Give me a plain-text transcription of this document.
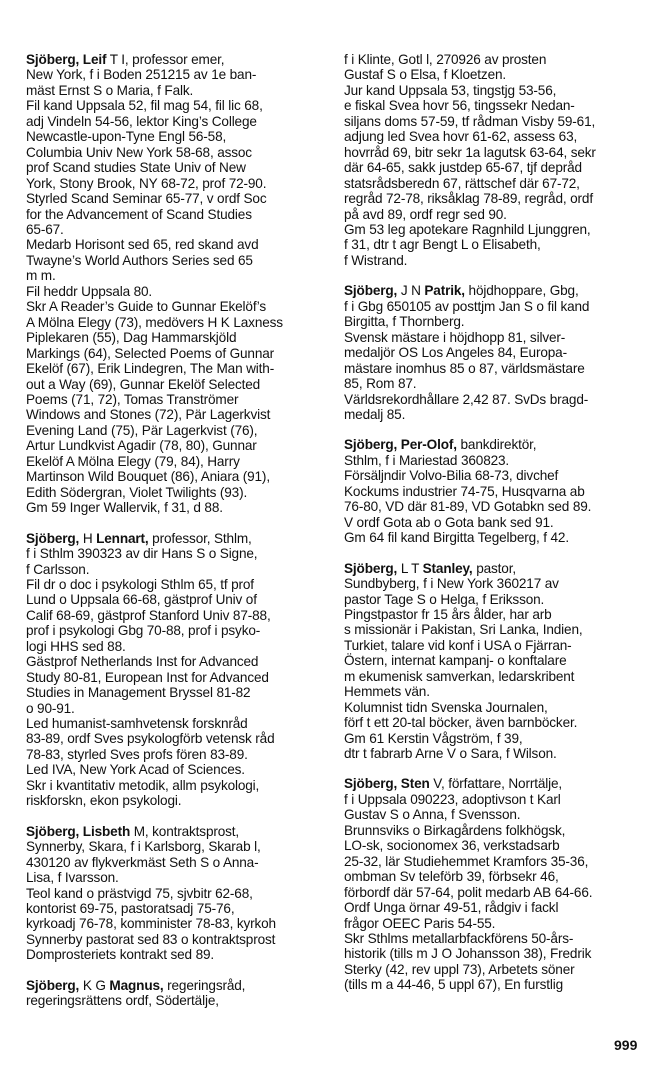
Sjöberg, Leif T I, professor emer,
New York, f i Boden 251215 av 1e ban-
mäst Ernst S o Maria, f Falk.
Fil kand Uppsala 52, fil mag 54, fil lic 68,
adj Vindeln 54-56, lektor King’s College
Newcastle-upon-Tyne Engl 56-58,
Columbia Univ New York 58-68, assoc
prof Scand studies State Univ of New
York, Stony Brook, NY 68-72, prof 72-90.
Styrled Scand Seminar 65-77, v ordf Soc
for the Advancement of Scand Studies
65-67.
Medarb Horisont sed 65, red skand avd
Twayne’s World Authors Series sed 65
m m.
Fil heddr Uppsala 80.
Skr A Reader’s Guide to Gunnar Ekelöf’s
A Mölna Elegy (73), medövers H K Laxness
Piplekaren (55), Dag Hammarskjöld
Markings (64), Selected Poems of Gunnar
Ekelöf (67), Erik Lindegren, The Man with-
out a Way (69), Gunnar Ekelöf Selected
Poems (71, 72), Tomas Tranströmer
Windows and Stones (72), Pär Lagerkvist
Evening Land (75), Pär Lagerkvist (76),
Artur Lundkvist Agadir (78, 80), Gunnar
Ekelöf A Mölna Elegy (79, 84), Harry
Martinson Wild Bouquet (86), Aniara (91),
Edith Södergran, Violet Twilights (93).
Gm 59 Inger Wallervik, f 31, d 88.
Sjöberg, H Lennart, professor, Sthlm,
f i Sthlm 390323 av dir Hans S o Signe,
f Carlsson.
Fil dr o doc i psykologi Sthlm 65, tf prof
Lund o Uppsala 66-68, gästprof Univ of
Calif 68-69, gästprof Stanford Univ 87-88,
prof i psykologi Gbg 70-88, prof i psyko-
logi HHS sed 88.
Gästprof Netherlands Inst for Advanced
Study 80-81, European Inst for Advanced
Studies in Management Bryssel 81-82
o 90-91.
Led humanist-samhvetensk forsknråd
83-89, ordf Sves psykologförb vetensk råd
78-83, styrled Sves profs fören 83-89.
Led IVA, New York Acad of Sciences.
Skr i kvantitativ metodik, allm psykologi,
riskforskn, ekon psykologi.
Sjöberg, Lisbeth M, kontraktsprost,
Synnerby, Skara, f i Karlsborg, Skarab l,
430120 av flykverkmäst Seth S o Anna-
Lisa, f Ivarsson.
Teol kand o prästvigd 75, sjvbitr 62-68,
kontorist 69-75, pastoratsadj 75-76,
kyrkoadj 76-78, komminister 78-83, kyrkoh
Synnerby pastorat sed 83 o kontraktsprost
Domprosteriets kontrakt sed 89.
Sjöberg, K G Magnus, regeringsråd,
regeringsrättens ordf, Södertälje,
f i Klinte, Gotl l, 270926 av prosten
Gustaf S o Elsa, f Kloetzen.
Jur kand Uppsala 53, tingstjg 53-56,
e fiskal Svea hovr 56, tingssekr Nedan-
siljans doms 57-59, tf rådman Visby 59-61,
adjung led Svea hovr 61-62, assess 63,
hovrråd 69, bitr sekr 1a lagutsk 63-64, sekr
där 64-65, sakk justdep 65-67, tjf depråd
statsrådsberedn 67, rättschef där 67-72,
regråd 72-78, riksåklag 78-89, regråd, ordf
på avd 89, ordf regr sed 90.
Gm 53 leg apotekare Ragnhild Ljunggren,
f 31, dtr t agr Bengt L o Elisabeth,
f Wistrand.
Sjöberg, J N Patrik, höjdhoppare, Gbg,
f i Gbg 650105 av posttjm Jan S o fil kand
Birgitta, f Thornberg.
Svensk mästare i höjdhopp 81, silver-
medaljör OS Los Angeles 84, Europa-
mästare inomhus 85 o 87, världsmästare
85, Rom 87.
Världsrekordhållare 2,42 87. SvDs bragd-
medalj 85.
Sjöberg, Per-Olof, bankdirektör,
Sthlm, f i Mariestad 360823.
Försäljndir Volvo-Bilia 68-73, divchef
Kockums industrier 74-75, Husqvarna ab
76-80, VD där 81-89, VD Gotabkn sed 89.
V ordf Gota ab o Gota bank sed 91.
Gm 64 fil kand Birgitta Tegelberg, f 42.
Sjöberg, L T Stanley, pastor,
Sundbyberg, f i New York 360217 av
pastor Tage S o Helga, f Eriksson.
Pingstpastor fr 15 års ålder, har arb
s missionär i Pakistan, Sri Lanka, Indien,
Turkiet, talare vid konf i USA o Fjärran-
Östern, internat kampanj- o konftalare
m ekumenisk samverkan, ledarskribent
Hemmets vän.
Kolumnist tidn Svenska Journalen,
förf t ett 20-tal böcker, även barnböcker.
Gm 61 Kerstin Vågström, f 39,
dtr t fabrarb Arne V o Sara, f Wilson.
Sjöberg, Sten V, författare, Norrtälje,
f i Uppsala 090223, adoptivson t Karl
Gustav S o Anna, f Svensson.
Brunnsviks o Birkagårdens folkhögsk,
LO-sk, socionomex 36, verkstadsarb
25-32, lär Studiehemmet Kramfors 35-36,
ombman Sv teleförb 39, förbsekr 46,
förbordf där 57-64, polit medarb AB 64-66.
Ordf Unga örnar 49-51, rådgiv i fackl
frågor OEEC Paris 54-55.
Skr Sthlms metallarbfackförens 50-års-
historik (tills m J O Johansson 38), Fredrik
Sterky (42, rev uppl 73), Arbetets söner
(tills m a 44-46, 5 uppl 67), En furstlig
999
